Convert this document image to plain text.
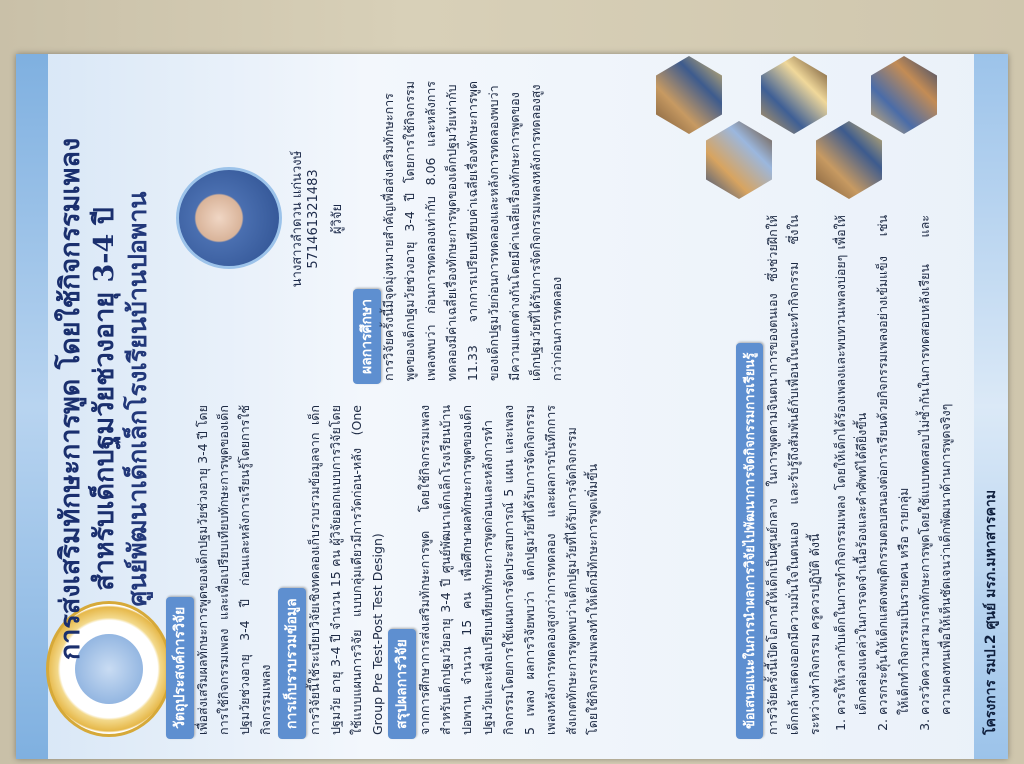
การส่งเสริมทักษะการพูด โดยใช้กิจกรรมเพลง สำหรับเด็กปฐมวัยช่วงอายุ 3-4 ปี ศูนย์พัฒนาเด็กเล็กโรงเรียนบ้านปอพาน
วัตถุประสงค์การวิจัย เพื่อส่งเสริมผลทักษะการพูดของเด็กปฐมวัยช่วงอายุ 3-4 ปี โดยการใช้กิจกรรมเพลง และเพื่อเปรียบเทียบทักษะการพูดของเด็กปฐมวัยช่วงอายุ 3-4 ปี ก่อนและหลังการเรียนรู้โดยการใช้กิจกรรมเพลง การเก็บรวบรวมข้อมูล การวิจัยนี้ใช้ระเบียบวิจัยเชิงทดลองเก็บรวบรวมข้อมูลจาก เด็กปฐมวัย อายุ 3-4 ปี จำนวน 15 คน ผู้วิจัยออกแบบการวิจัยโดยใช้แบบแผนการวิจัย แบบกลุ่มเดียวมีการวัดก่อน-หลัง (One Group Pre Test-Post Test Design) สรุปผลการวิจัย จากการศึกษาการส่งเสริมทักษะการพูด โดยใช้กิจกรรมเพลงสำหรับเด็กปฐมวัยอายุ 3-4 ปี ศูนย์พัฒนาเด็กเล็กโรงเรียนบ้านปอพาน จำนวน 15 คน เพื่อศึกษาผลทักษะการพูดของเด็กปฐมวัยและเพื่อเปรียบเทียบทักษะการพูดก่อนและหลังการทำกิจกรรมโดยการใช้แผนการจัดประสบการณ์ 5 แผน และเพลง 5 เพลง ผลการวิจัยพบว่า เด็กปฐมวัยที่ได้รับการจัดกิจกรรมเพลงหลังการทดลองสูงกว่าการทดลอง และผลการบันทึกการสังเกตทักษะการพูดพบว่าเด็กปฐมวัยที่ได้รับการจัดกิจกรรมโดยใช้กิจกรรมเพลงทำให้เด็กมีทักษะการพูดเพิ่มขึ้น
นางสาวลำดวน แก่นวงษ์ 571461321483 ผู้วิจัย
ผลการศึกษา การวิจัยครั้งนี้มีจุดมุ่งหมายสำคัญเพื่อส่งเสริมทักษะการพูดของเด็กปฐมวัยช่วงอายุ 3-4 ปี โดยการใช้กิจกรรมเพลงพบว่า ก่อนการทดลองเท่ากับ 8.06 และหลังการทดลองมีค่าเฉลี่ยเรื่องทักษะการพูดของเด็กปฐมวัยเท่ากับ 11.33 จากการเปรียบเทียบค่าเฉลี่ยเรื่องทักษะการพูดของเด็กปฐมวัยก่อนการทดลองและหลังการทดลองพบว่ามีความแตกต่างกันโดยมีค่าเฉลี่ยเรื่องทักษะการพูดของเด็กปฐมวัยที่ได้รับการจัดกิจกรรมเพลงหลังการทดลองสูงกว่าก่อนการทดลอง
ข้อเสนอแนะในการนำผลการวิจัยไปพัฒนาการจัดกิจกรรมการเรียนรู้ การวิจัยครั้งนี้เปิดโอกาสให้เด็กเป็นศูนย์กลาง ในการพูดตามจินตนาการของตนเอง ซึ่งช่วยฝึกให้เด็กกล้าแสดงออกมีความมั่นใจในตนเอง และรับรู้ถึงสัมพันธ์กับเพื่อนในขณะทำกิจกรรม ซึ่งในระหว่างทำกิจกรรม ครูควรปฏิบัติ ดังนี้ 1. ควรให้เวลากับเด็กในการทำกิจกรรมเพลง โดยให้เด็กได้ร้องเพลงและพบทวนเพลงบ่อยๆ เพื่อให้เด็กคล่องแคล่วในการจดจำเนื้อร้องและคำศัพท์ได้ดียิ่งขึ้น 2. ควรกระตุ้นให้เด็กแสดงพฤติกรรมตอบสนองต่อการเรียนด้วยกิจกรรมเพลงอย่างเข้มแข็ง เช่น ให้เด็กทำกิจกรรมเป็นรายคน หรือ รายกลุ่ม 3. ควรวัดความสามารถทักษะการพูดโดยใช้แบบทดสอบไม่ซ้ำกันในการทดสอบหลังเรียน และความคงทนเพื่อให้เห็นชัดเจนว่าเด็กพัฒนาด้านการพูดจริงๆ โครงการ รมป.2 ศูนย์ มรภ.มหาสารคาม
